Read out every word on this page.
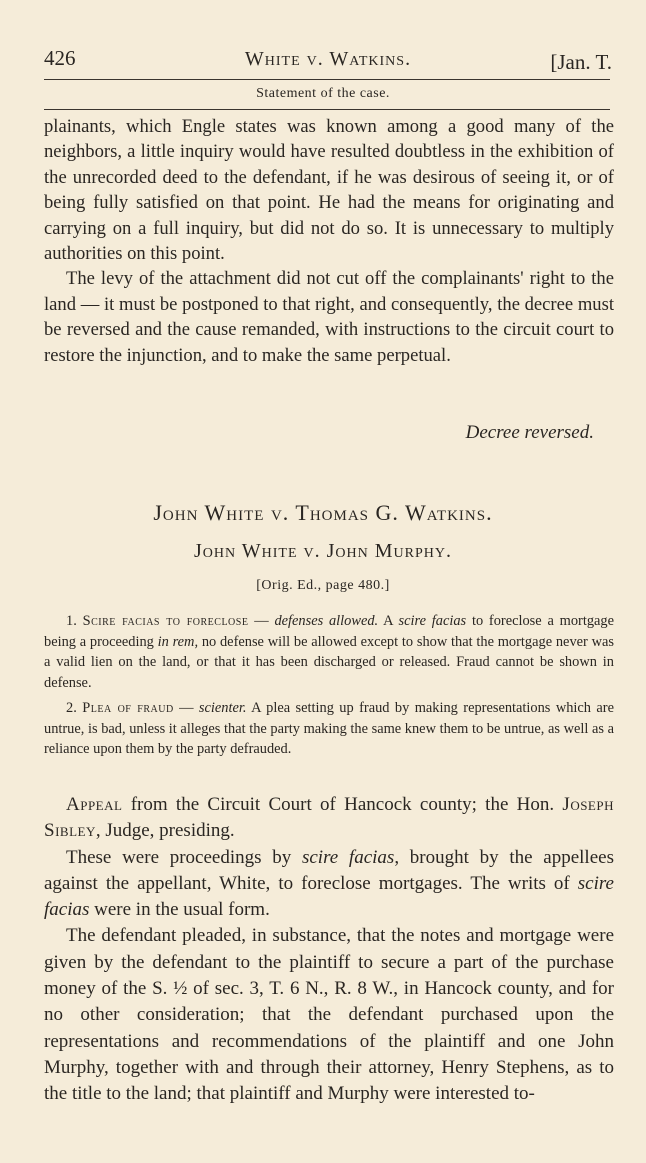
426	White v. Watkins.	[Jan. T.
Statement of the case.

plainants, which Engle states was known among a good many of the neighbors, a little inquiry would have resulted doubtless in the exhibition of the unrecorded deed to the defendant, if he was desirous of seeing it, or of being fully satisfied on that point. He had the means for originating and carrying on a full inquiry, but did not do so. It is unnecessary to multiply authorities on this point.

The levy of the attachment did not cut off the complainants' right to the land — it must be postponed to that right, and consequently, the decree must be reversed and the cause remanded, with instructions to the circuit court to restore the injunction, and to make the same perpetual.

Decree reversed.
John White v. Thomas G. Watkins.
John White v. John Murphy.
[Orig. Ed., page 480.]

1. Scire facias to foreclose — defenses allowed. A scire facias to foreclose a mortgage being a proceeding in rem, no defense will be allowed except to show that the mortgage never was a valid lien on the land, or that it has been discharged or released. Fraud cannot be shown in defense.

2. Plea of fraud — scienter. A plea setting up fraud by making representations which are untrue, is bad, unless it alleges that the party making the same knew them to be untrue, as well as a reliance upon them by the party defrauded.

Appeal from the Circuit Court of Hancock county; the Hon. Joseph Sibley, Judge, presiding.

These were proceedings by scire facias, brought by the appellees against the appellant, White, to foreclose mortgages. The writs of scire facias were in the usual form.

The defendant pleaded, in substance, that the notes and mortgage were given by the defendant to the plaintiff to secure a part of the purchase money of the S. ½ of sec. 3, T. 6 N., R. 8 W., in Hancock county, and for no other consideration; that the defendant purchased upon the representations and recommendations of the plaintiff and one John Murphy, together with and through their attorney, Henry Stephens, as to the title to the land; that plaintiff and Murphy were interested to-
